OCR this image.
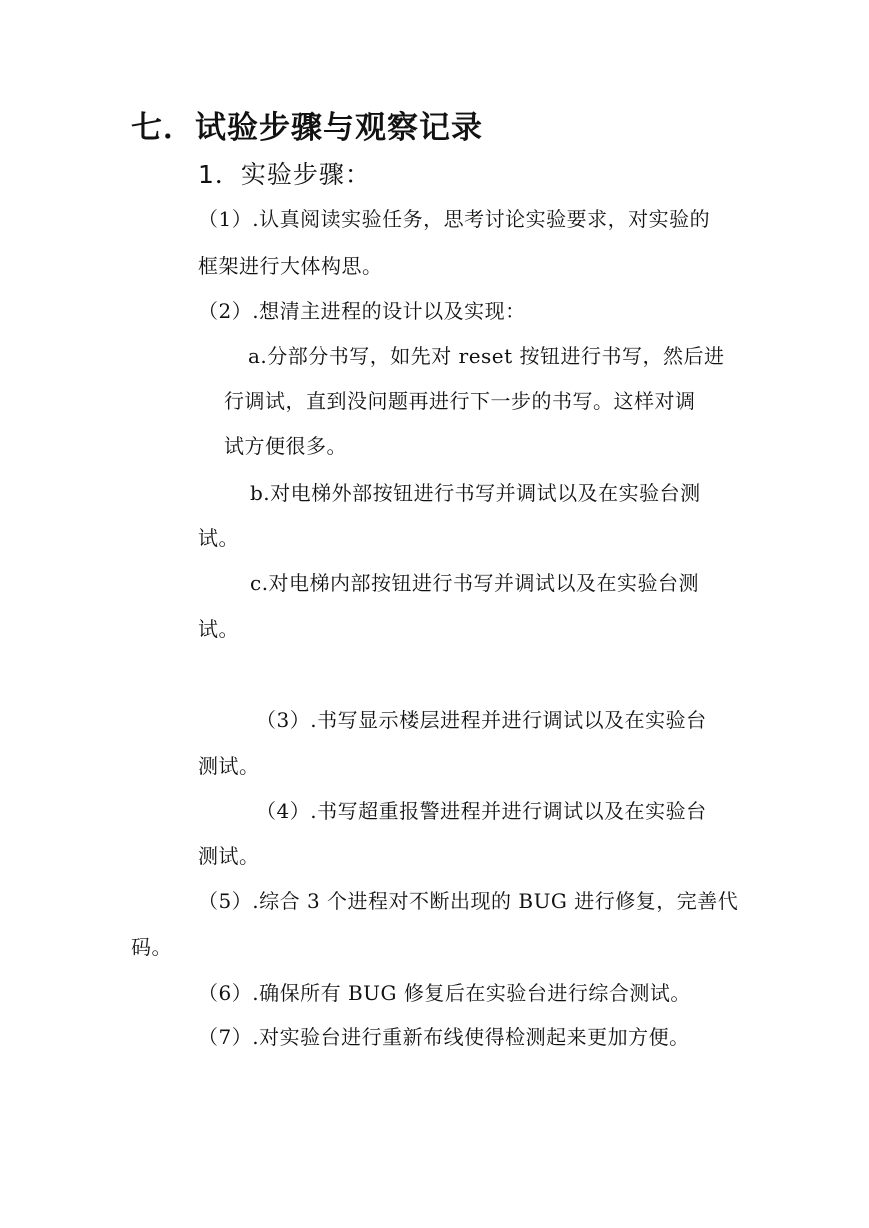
七．试验步骤与观察记录
1．实验步骤：
（1）.认真阅读实验任务，思考讨论实验要求，对实验的
框架进行大体构思。
（2）.想清主进程的设计以及实现：
a.分部分书写，如先对 reset 按钮进行书写，然后进
行调试，直到没问题再进行下一步的书写。这样对调
试方便很多。
b.对电梯外部按钮进行书写并调试以及在实验台测
试。
c.对电梯内部按钮进行书写并调试以及在实验台测
试。
（3）.书写显示楼层进程并进行调试以及在实验台
测试。
（4）.书写超重报警进程并进行调试以及在实验台
测试。
（5）.综合 3 个进程对不断出现的 BUG 进行修复，完善代
码。
（6）.确保所有 BUG 修复后在实验台进行综合测试。
（7）.对实验台进行重新布线使得检测起来更加方便。
